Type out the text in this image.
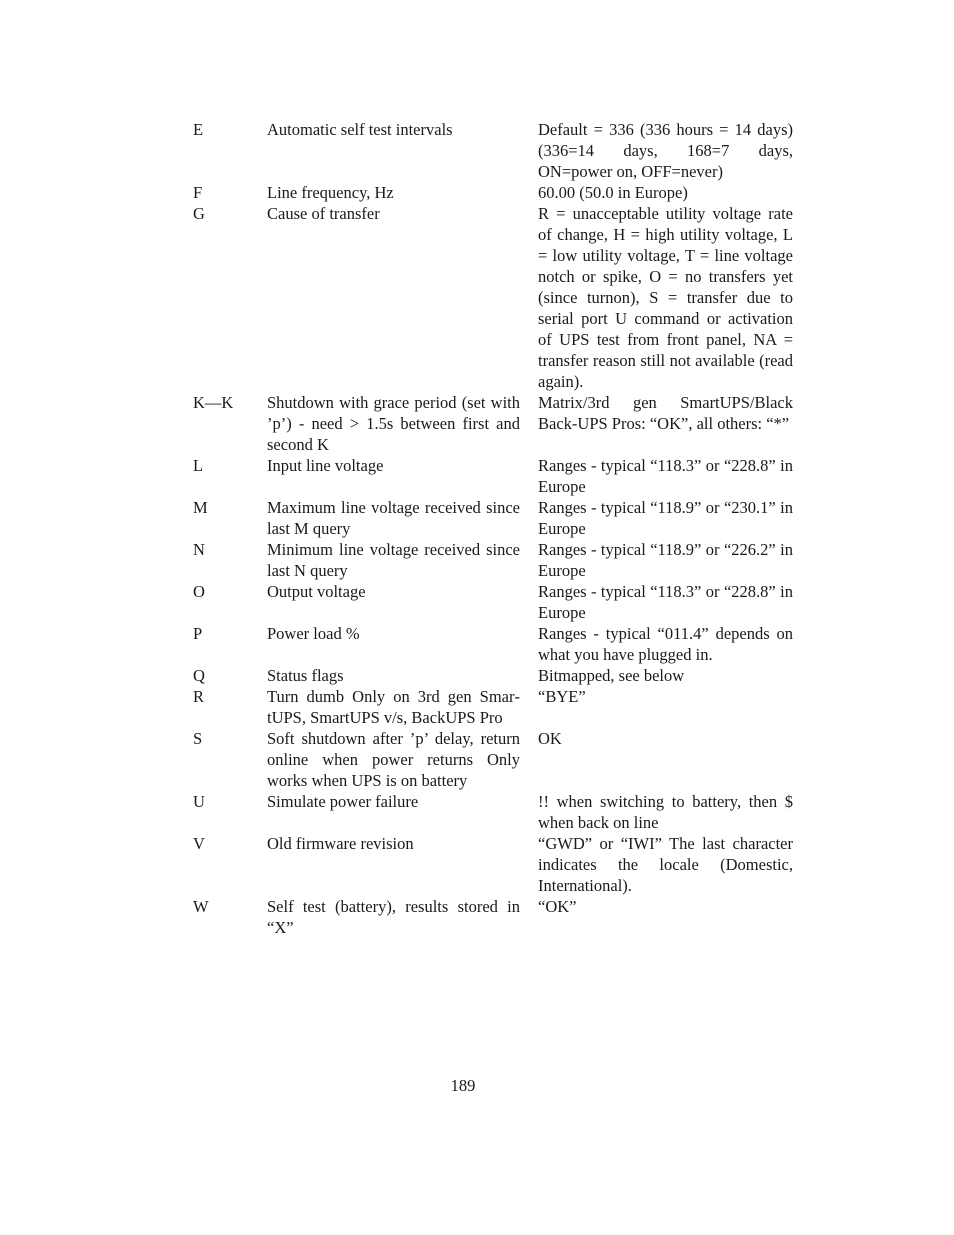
E	Automatic self test intervals	Default = 336 (336 hours = 14 days) (336=14 days, 168=7 days, ON=power on, OFF=never)
F	Line frequency, Hz	60.00 (50.0 in Europe)
G	Cause of transfer	R = unacceptable utility voltage rate of change, H = high utility voltage, L = low utility voltage, T = line voltage notch or spike, O = no transfers yet (since turnon), S = transfer due to serial port U command or activation of UPS test from front panel, NA = transfer reason still not available (read again).
K—K	Shutdown with grace period (set with ’p’) - need > 1.5s between first and second K	Matrix/3rd gen SmartUPS/Black Back-UPS Pros: “OK”, all others: “*”
L	Input line voltage	Ranges - typical “118.3” or “228.8” in Europe
M	Maximum line voltage received since last M query	Ranges - typical “118.9” or “230.1” in Europe
N	Minimum line voltage received since last N query	Ranges - typical “118.9” or “226.2” in Europe
O	Output voltage	Ranges - typical “118.3” or “228.8” in Europe
P	Power load %	Ranges - typical “011.4” depends on what you have plugged in.
Q	Status flags	Bitmapped, see below
R	Turn dumb Only on 3rd gen SmartUPS, SmartUPS v/s, BackUPS Pro	“BYE”
S	Soft shutdown after ’p’ delay, return online when power returns Only works when UPS is on battery	OK
U	Simulate power failure	!! when switching to battery, then $ when back on line
V	Old firmware revision	“GWD” or “IWI” The last character indicates the locale (Domestic, International).
W	Self test (battery), results stored in “X”	“OK”
189
